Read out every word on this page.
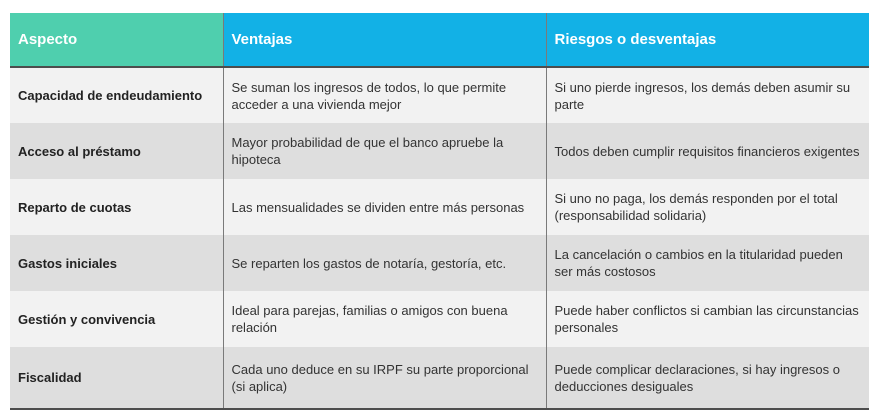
Aspecto	Ventajas	Riesgos o desventajas
Capacidad de endeudamiento	Se suman los ingresos de todos, lo que permite acceder a una vivienda mejor	Si uno pierde ingresos, los demás deben asumir su parte
Acceso al préstamo	Mayor probabilidad de que el banco apruebe la hipoteca	Todos deben cumplir requisitos financieros exigentes
Reparto de cuotas	Las mensualidades se dividen entre más personas	Si uno no paga, los demás responden por el total (responsabilidad solidaria)
Gastos iniciales	Se reparten los gastos de notaría, gestoría, etc.	La cancelación o cambios en la titularidad pueden ser más costosos
Gestión y convivencia	Ideal para parejas, familias o amigos con buena relación	Puede haber conflictos si cambian las circunstancias personales
Fiscalidad	Cada uno deduce en su IRPF su parte proporcional (si aplica)	Puede complicar declaraciones, si hay ingresos o deducciones desiguales
